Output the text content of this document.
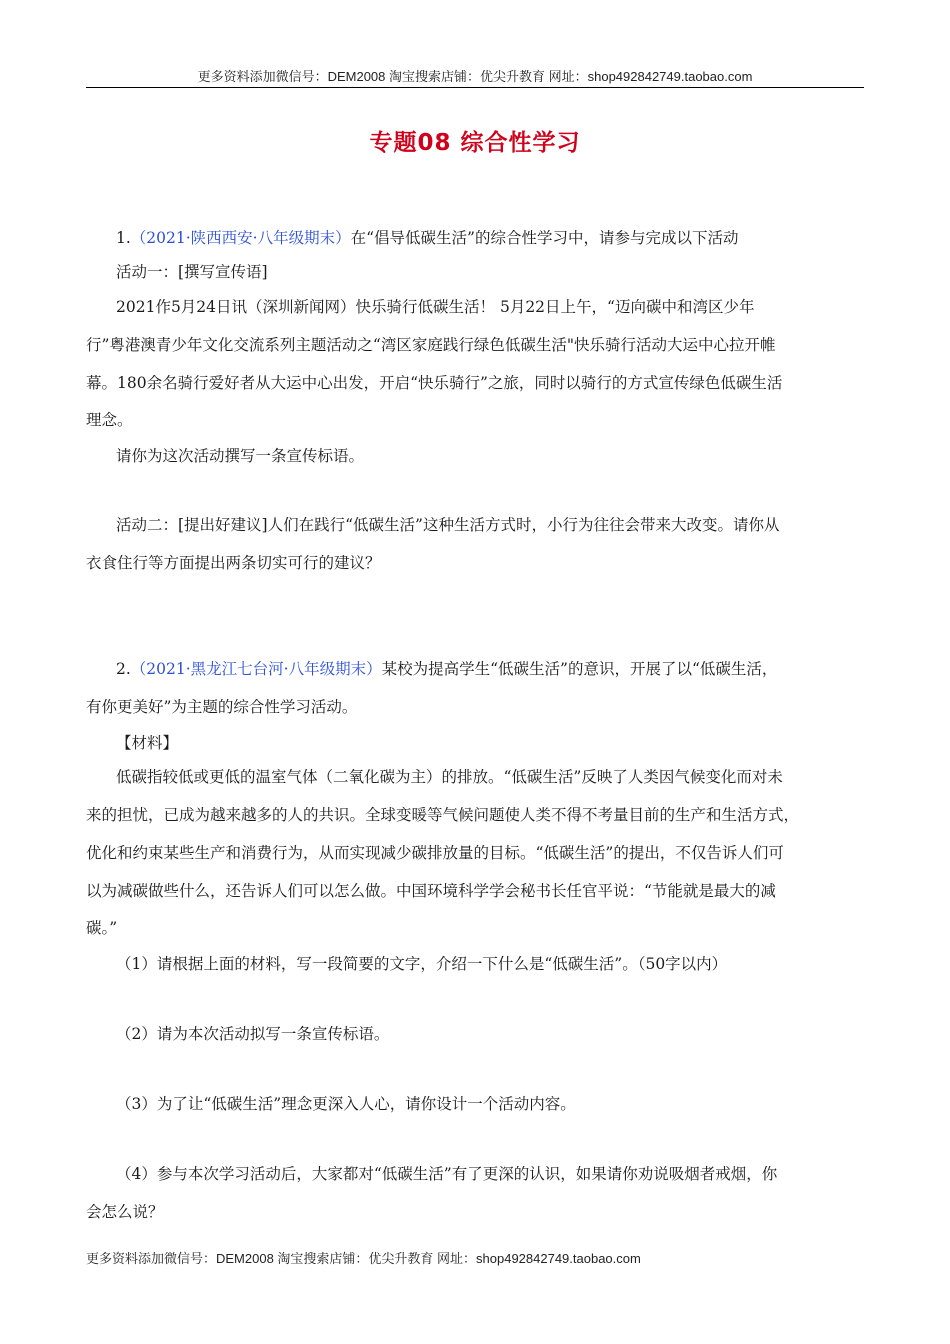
更多资料添加微信号：DEM2008 淘宝搜索店铺：优尖升教育 网址：shop492842749.taobao.com
专题08 综合性学习
1.（2021·陕西西安·八年级期末）在“倡导低碳生活”的综合性学习中，请参与完成以下活动
活动一：[撰写宣传语]
2021作5月24日讯（深圳新闻网）快乐骑行低碳生活！ 5月22日上午，“迈向碳中和湾区少年
行”粤港澳青少年文化交流系列主题活动之“湾区家庭践行绿色低碳生活"快乐骑行活动大运中心拉开帷
幕。180余名骑行爱好者从大运中心出发，开启“快乐骑行”之旅，同时以骑行的方式宣传绿色低碳生活
理念。
请你为这次活动撰写一条宣传标语。
活动二：[提出好建议]人们在践行“低碳生活”这种生活方式时，小行为往往会带来大改变。请你从
衣食住行等方面提出两条切实可行的建议？
2.（2021·黑龙江七台河·八年级期末）某校为提高学生“低碳生活”的意识，开展了以“低碳生活，
有你更美好”为主题的综合性学习活动。
【材料】
低碳指较低或更低的温室气体（二氧化碳为主）的排放。“低碳生活”反映了人类因气候变化而对未
来的担忧，已成为越来越多的人的共识。全球变暖等气候问题使人类不得不考量目前的生产和生活方式，
优化和约束某些生产和消费行为，从而实现减少碳排放量的目标。“低碳生活”的提出，不仅告诉人们可
以为减碳做些什么，还告诉人们可以怎么做。中国环境科学学会秘书长任官平说：“节能就是最大的减
碳。”
（1）请根据上面的材料，写一段简要的文字，介绍一下什么是“低碳生活”。（50字以内）
（2）请为本次活动拟写一条宣传标语。
（3）为了让“低碳生活”理念更深入人心，请你设计一个活动内容。
（4）参与本次学习活动后，大家都对“低碳生活”有了更深的认识，如果请你劝说吸烟者戒烟，你
会怎么说？
更多资料添加微信号：DEM2008 淘宝搜索店铺：优尖升教育 网址：shop492842749.taobao.com
